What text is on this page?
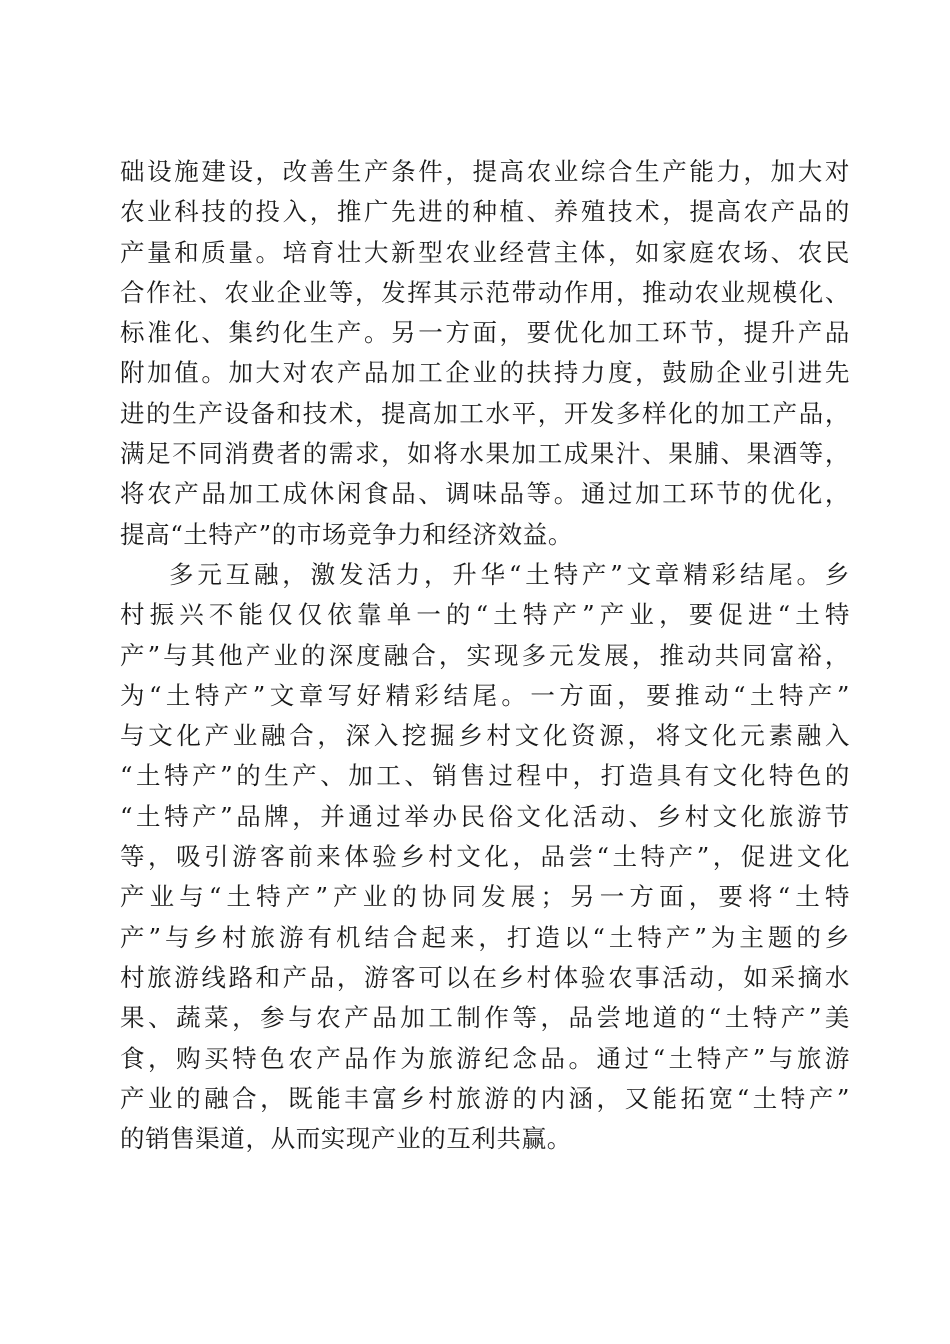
础设施建设，改善生产条件，提高农业综合生产能力，加大对
农业科技的投入，推广先进的种植、养殖技术，提高农产品的
产量和质量。培育壮大新型农业经营主体，如家庭农场、农民
合作社、农业企业等，发挥其示范带动作用，推动农业规模化、
标准化、集约化生产。另一方面，要优化加工环节，提升产品
附加值。加大对农产品加工企业的扶持力度，鼓励企业引进先
进的生产设备和技术，提高加工水平，开发多样化的加工产品，
满足不同消费者的需求，如将水果加工成果汁、果脯、果酒等，
将农产品加工成休闲食品、调味品等。通过加工环节的优化，
提高“土特产”的市场竞争力和经济效益。
多元互融，激发活力，升华“土特产”文章精彩结尾。乡
村振兴不能仅仅依靠单一的“土特产”产业，要促进“土特
产”与其他产业的深度融合，实现多元发展，推动共同富裕，
为“土特产”文章写好精彩结尾。一方面，要推动“土特产”
与文化产业融合，深入挖掘乡村文化资源，将文化元素融入
“土特产”的生产、加工、销售过程中，打造具有文化特色的
“土特产”品牌，并通过举办民俗文化活动、乡村文化旅游节
等，吸引游客前来体验乡村文化，品尝“土特产”，促进文化
产业与“土特产”产业的协同发展；另一方面，要将“土特
产”与乡村旅游有机结合起来，打造以“土特产”为主题的乡
村旅游线路和产品，游客可以在乡村体验农事活动，如采摘水
果、蔬菜，参与农产品加工制作等，品尝地道的“土特产”美
食，购买特色农产品作为旅游纪念品。通过“土特产”与旅游
产业的融合，既能丰富乡村旅游的内涵，又能拓宽“土特产”
的销售渠道，从而实现产业的互利共赢。
